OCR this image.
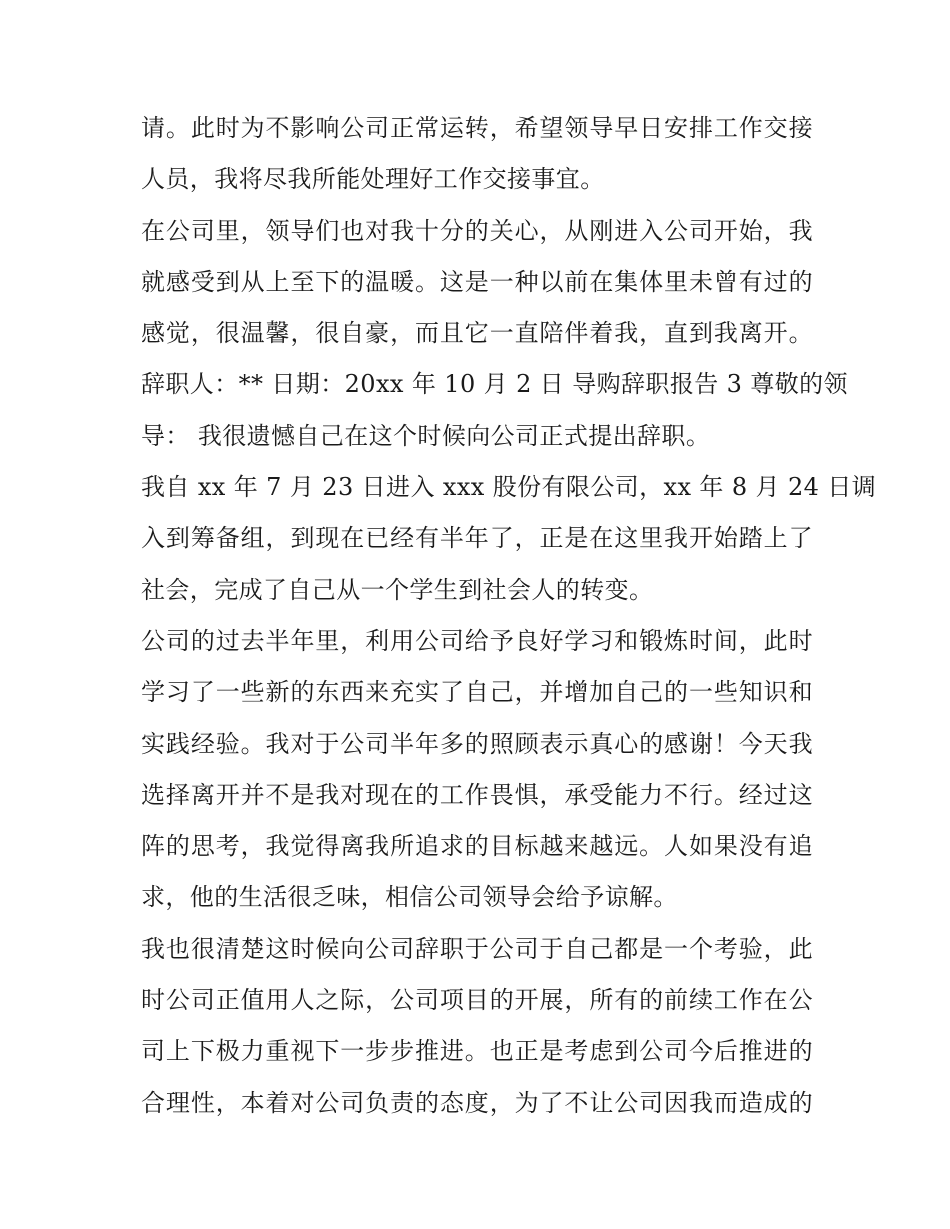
请。此时为不影响公司正常运转，希望领导早日安排工作交接
人员，我将尽我所能处理好工作交接事宜。
在公司里，领导们也对我十分的关心，从刚进入公司开始，我
就感受到从上至下的温暖。这是一种以前在集体里未曾有过的
感觉，很温馨，很自豪，而且它一直陪伴着我，直到我离开。
辞职人：** 日期：20xx 年 10 月 2 日 导购辞职报告 3 尊敬的领
导： 我很遗憾自己在这个时候向公司正式提出辞职。
我自 xx 年 7 月 23 日进入 xxx 股份有限公司，xx 年 8 月 24 日调
入到筹备组，到现在已经有半年了，正是在这里我开始踏上了
社会，完成了自己从一个学生到社会人的转变。
公司的过去半年里，利用公司给予良好学习和锻炼时间，此时
学习了一些新的东西来充实了自己，并增加自己的一些知识和
实践经验。我对于公司半年多的照顾表示真心的感谢！今天我
选择离开并不是我对现在的工作畏惧，承受能力不行。经过这
阵的思考，我觉得离我所追求的目标越来越远。人如果没有追
求，他的生活很乏味，相信公司领导会给予谅解。
我也很清楚这时候向公司辞职于公司于自己都是一个考验，此
时公司正值用人之际，公司项目的开展，所有的前续工作在公
司上下极力重视下一步步推进。也正是考虑到公司今后推进的
合理性，本着对公司负责的态度，为了不让公司因我而造成的
